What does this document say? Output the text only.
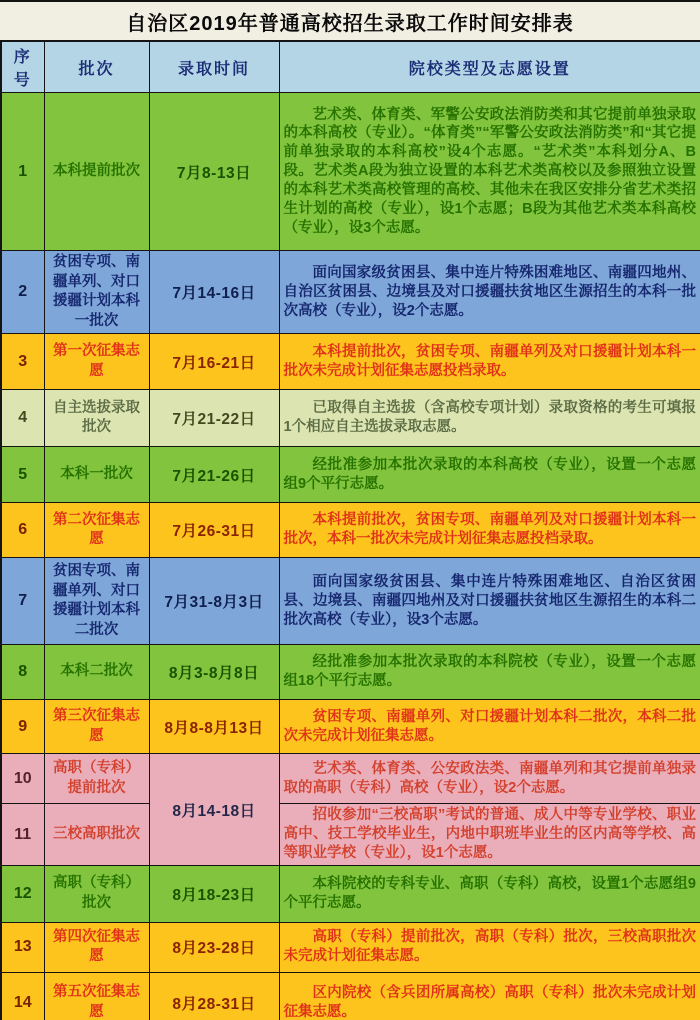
自治区2019年普通高校招生录取工作时间安排表
序号	批次	录取时间	院校类型及志愿设置
1	本科提前批次	7月8-13日	艺术类、体育类、军警公安政法消防类和其它提前单独录取的本科高校（专业）。“体育类”“军警公安政法消防类”和“其它提前单独录取的本科高校”设4个志愿。“艺术类”本科划分A、B段。艺术类A段为独立设置的本科艺术类高校以及参照独立设置的本科艺术类高校管理的高校、其他未在我区安排分省艺术类招生计划的高校（专业），设1个志愿；B段为其他艺术类本科高校（专业），设3个志愿。
2	贫困专项、南疆单列、对口援疆计划本科一批次	7月14-16日	面向国家级贫困县、集中连片特殊困难地区、南疆四地州、自治区贫困县、边境县及对口援疆扶贫地区生源招生的本科一批次高校（专业），设2个志愿。
3	第一次征集志愿	7月16-21日	本科提前批次，贫困专项、南疆单列及对口援疆计划本科一批次未完成计划征集志愿投档录取。
4	自主选拔录取批次	7月21-22日	已取得自主选拔（含高校专项计划）录取资格的考生可填报1个相应自主选拔录取志愿。
5	本科一批次	7月21-26日	经批准参加本批次录取的本科高校（专业），设置一个志愿组9个平行志愿。
6	第二次征集志愿	7月26-31日	本科提前批次，贫困专项、南疆单列及对口援疆计划本科一批次，本科一批次未完成计划征集志愿投档录取。
7	贫困专项、南疆单列、对口援疆计划本科二批次	7月31-8月3日	面向国家级贫困县、集中连片特殊困难地区、自治区贫困县、边境县、南疆四地州及对口援疆扶贫地区生源招生的本科二批次高校（专业），设3个志愿。
8	本科二批次	8月3-8月8日	经批准参加本批次录取的本科院校（专业），设置一个志愿组18个平行志愿。
9	第三次征集志愿	8月8-8月13日	贫困专项、南疆单列、对口援疆计划本科二批次，本科二批次未完成计划征集志愿。
10	高职（专科）提前批次	8月14-18日	艺术类、体育类、公安政法类、南疆单列和其它提前单独录取的高职（专科）高校（专业），设2个志愿。
11	三校高职批次		招收参加“三校高职”考试的普通、成人中等专业学校、职业高中、技工学校毕业生，内地中职班毕业生的区内高等学校、高等职业学校（专业），设1个志愿。
12	高职（专科）批次	8月18-23日	本科院校的专科专业、高职（专科）高校，设置1个志愿组9个平行志愿。
13	第四次征集志愿	8月23-28日	高职（专科）提前批次，高职（专科）批次，三校高职批次未完成计划征集志愿。
14	第五次征集志愿	8月28-31日	区内院校（含兵团所属高校）高职（专科）批次未完成计划征集志愿。
